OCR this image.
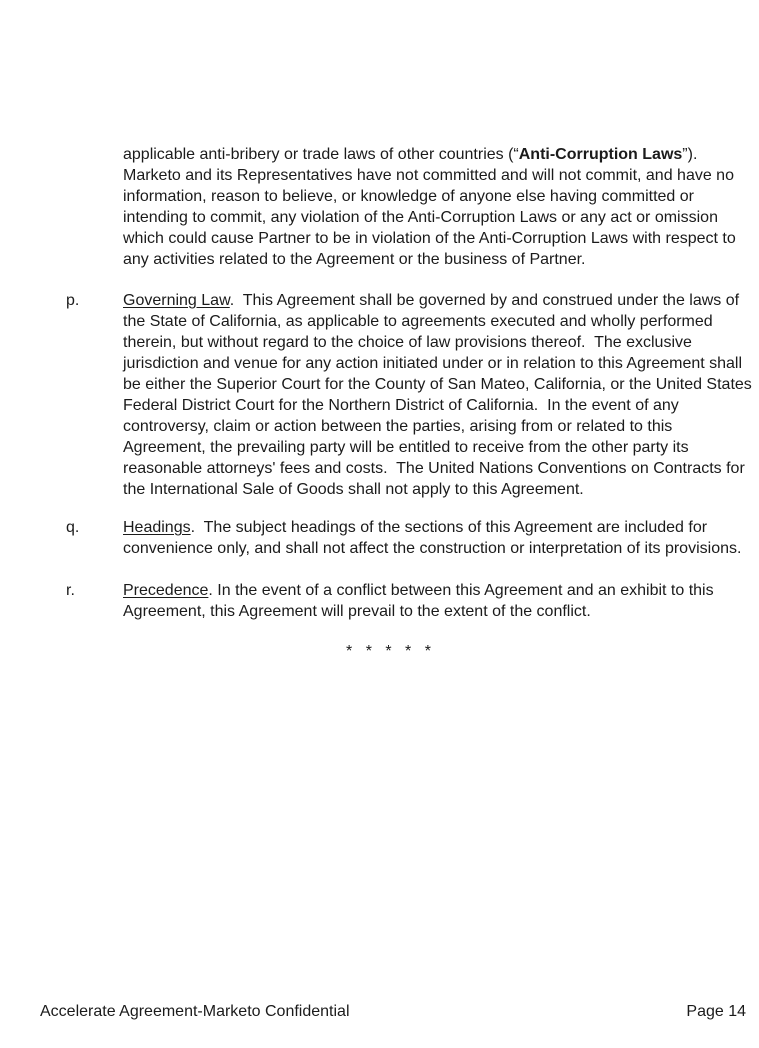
applicable anti-bribery or trade laws of other countries (“Anti-Corruption Laws”).
Marketo and its Representatives have not committed and will not commit, and have no
information, reason to believe, or knowledge of anyone else having committed or
intending to commit, any violation of the Anti-Corruption Laws or any act or omission
which could cause Partner to be in violation of the Anti-Corruption Laws with respect to
any activities related to the Agreement or the business of Partner.
p.	Governing Law.  This Agreement shall be governed by and construed under the laws of
the State of California, as applicable to agreements executed and wholly performed
therein, but without regard to the choice of law provisions thereof.  The exclusive
jurisdiction and venue for any action initiated under or in relation to this Agreement shall
be either the Superior Court for the County of San Mateo, California, or the United States
Federal District Court for the Northern District of California.  In the event of any
controversy, claim or action between the parties, arising from or related to this
Agreement, the prevailing party will be entitled to receive from the other party its
reasonable attorneys' fees and costs.  The United Nations Conventions on Contracts for
the International Sale of Goods shall not apply to this Agreement.
q.	Headings.  The subject headings of the sections of this Agreement are included for
convenience only, and shall not affect the construction or interpretation of its provisions.
r.	Precedence. In the event of a conflict between this Agreement and an exhibit to this
Agreement, this Agreement will prevail to the extent of the conflict.
* * * * *
Accelerate Agreement-Marketo Confidential	Page 14
